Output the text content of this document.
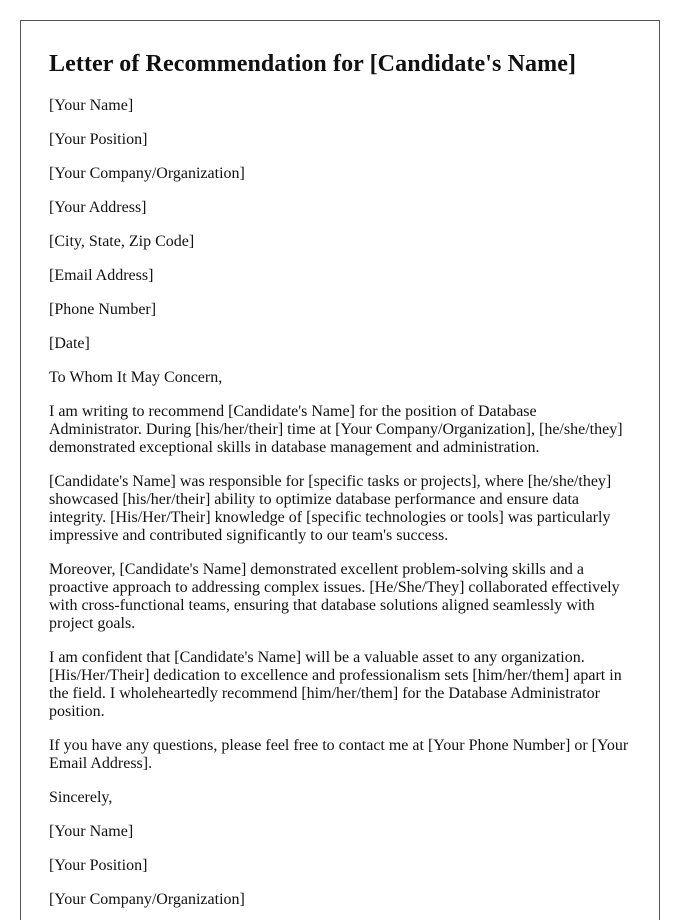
Letter of Recommendation for [Candidate's Name]

[Your Name]

[Your Position]

[Your Company/Organization]

[Your Address]

[City, State, Zip Code]

[Email Address]

[Phone Number]

[Date]

To Whom It May Concern,

I am writing to recommend [Candidate's Name] for the position of Database Administrator. During [his/her/their] time at [Your Company/Organization], [he/she/they] demonstrated exceptional skills in database management and administration.

[Candidate's Name] was responsible for [specific tasks or projects], where [he/she/they] showcased [his/her/their] ability to optimize database performance and ensure data integrity. [His/Her/Their] knowledge of [specific technologies or tools] was particularly impressive and contributed significantly to our team's success.

Moreover, [Candidate's Name] demonstrated excellent problem-solving skills and a proactive approach to addressing complex issues. [He/She/They] collaborated effectively with cross-functional teams, ensuring that database solutions aligned seamlessly with project goals.

I am confident that [Candidate's Name] will be a valuable asset to any organization. [His/Her/Their] dedication to excellence and professionalism sets [him/her/them] apart in the field. I wholeheartedly recommend [him/her/them] for the Database Administrator position.

If you have any questions, please feel free to contact me at [Your Phone Number] or [Your Email Address].

Sincerely,

[Your Name]

[Your Position]

[Your Company/Organization]
